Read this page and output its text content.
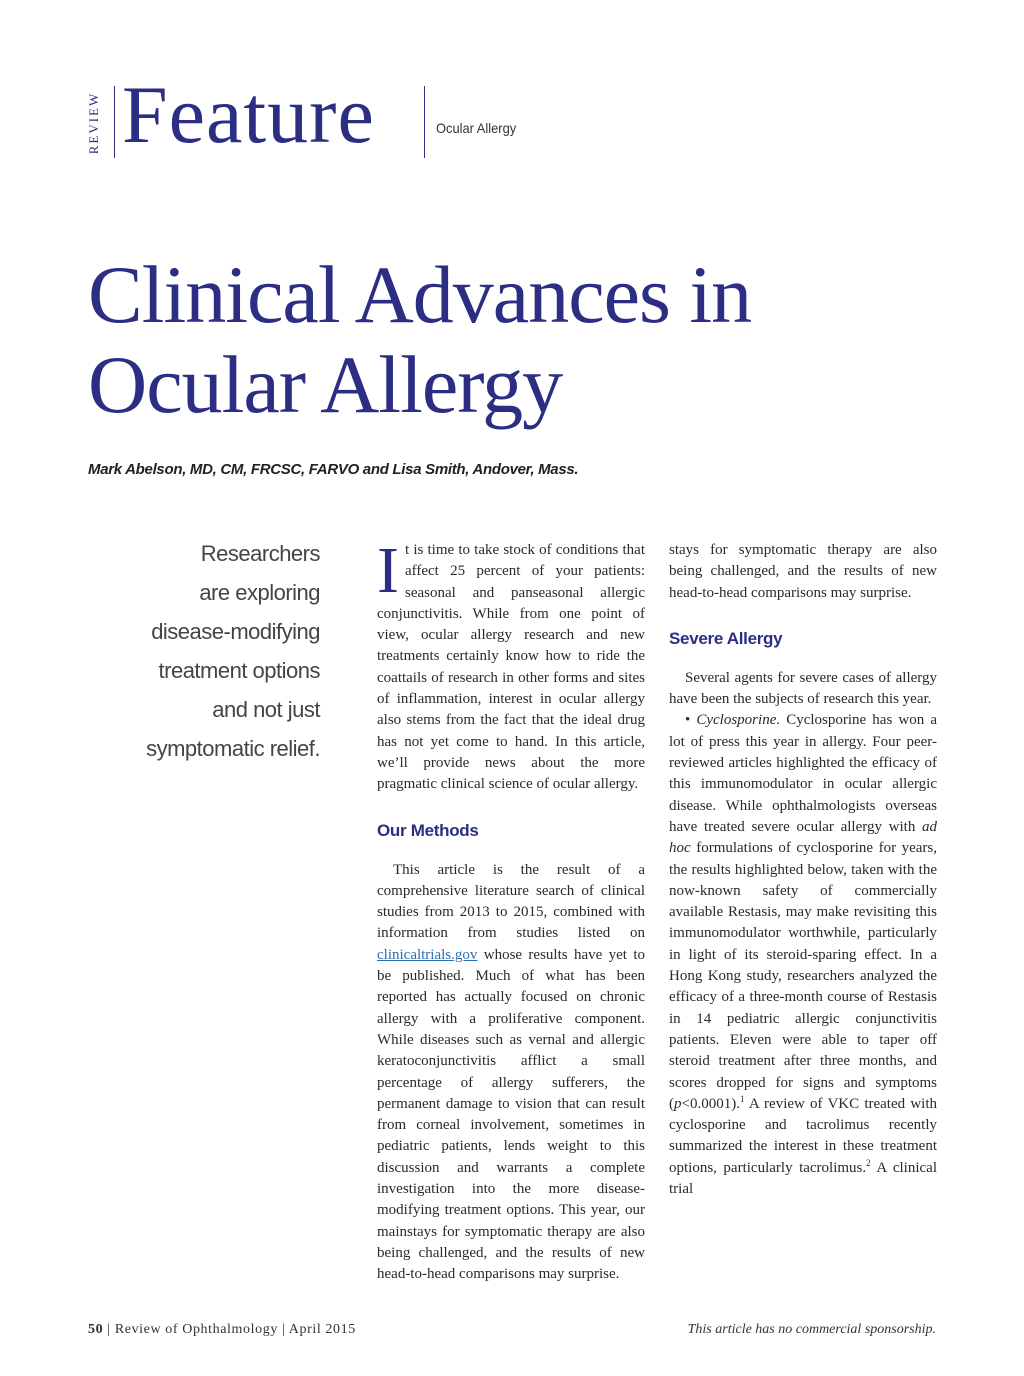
REVIEW Feature	Ocular Allergy
Clinical Advances in Ocular Allergy
Mark Abelson, MD, CM, FRCSC, FARVO and Lisa Smith, Andover, Mass.
Researchers
are exploring
disease-modifying
treatment options
and not just
symptomatic relief.

It is time to take stock of conditions that affect 25 percent of your patients: seasonal and panseasonal allergic conjunctivitis. While from one point of view, ocular allergy research and new treatments certainly know how to ride the coattails of research in other forms and sites of inflammation, interest in ocular allergy also stems from the fact that the ideal drug has not yet come to hand. In this article, we’ll provide news about the more pragmatic clinical science of ocular allergy.

Our Methods

This article is the result of a comprehensive literature search of clinical studies from 2013 to 2015, combined with information from studies listed on clinicaltrials.gov whose results have yet to be published. Much of what has been reported has actually focused on chronic allergy with a proliferative component. While diseases such as vernal and allergic keratoconjunctivitis afflict a small percentage of allergy sufferers, the permanent damage to vision that can result from corneal involvement, sometimes in pediatric patients, lends weight to this discussion and warrants a complete investigation into the more disease-modifying treatment options. This year, our mainstays for symptomatic therapy are also being challenged, and the results of new head-to-head comparisons may surprise.

stays for symptomatic therapy are also being challenged, and the results of new head-to-head comparisons may surprise.

Severe Allergy

Several agents for severe cases of allergy have been the subjects of research this year.

• Cyclosporine. Cyclosporine has won a lot of press this year in allergy. Four peer-reviewed articles highlighted the efficacy of this immunomodulator in ocular allergic disease. While ophthalmologists overseas have treated severe ocular allergy with ad hoc formulations of cyclosporine for years, the results highlighted below, taken with the now-known safety of commercially available Restasis, may make revisiting this immunomodulator worthwhile, particularly in light of its steroid-sparing effect. In a Hong Kong study, researchers analyzed the efficacy of a three-month course of Restasis in 14 pediatric allergic conjunctivitis patients. Eleven were able to taper off steroid treatment after three months, and scores dropped for signs and symptoms (p<0.0001).$^1$ A review of VKC treated with cyclosporine and tacrolimus recently summarized the interest in these treatment options, particularly tacrolimus.$^2$ A clinical trial

50 | Review of Ophthalmology | April 2015	This article has no commercial sponsorship.
